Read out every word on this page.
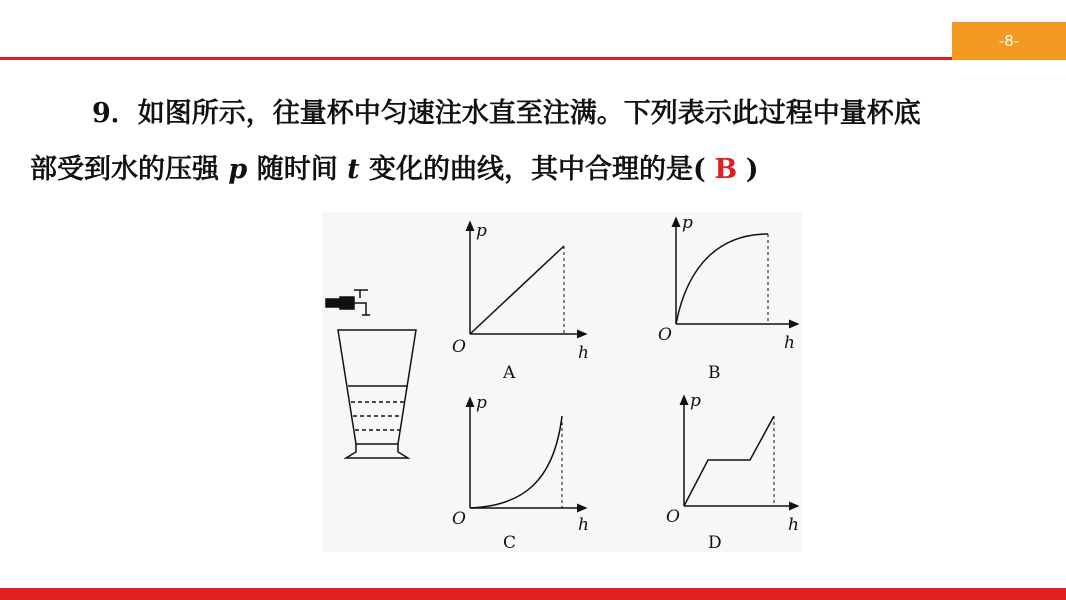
-8-
9．如图所示，往量杯中匀速注水直至注满。下列表示此过程中量杯底
部受到水的压强 p 随时间 t 变化的曲线，其中合理的是( B )
p
O	h
A
p
O	h
B
p
O	h
C
p
O	h
D
